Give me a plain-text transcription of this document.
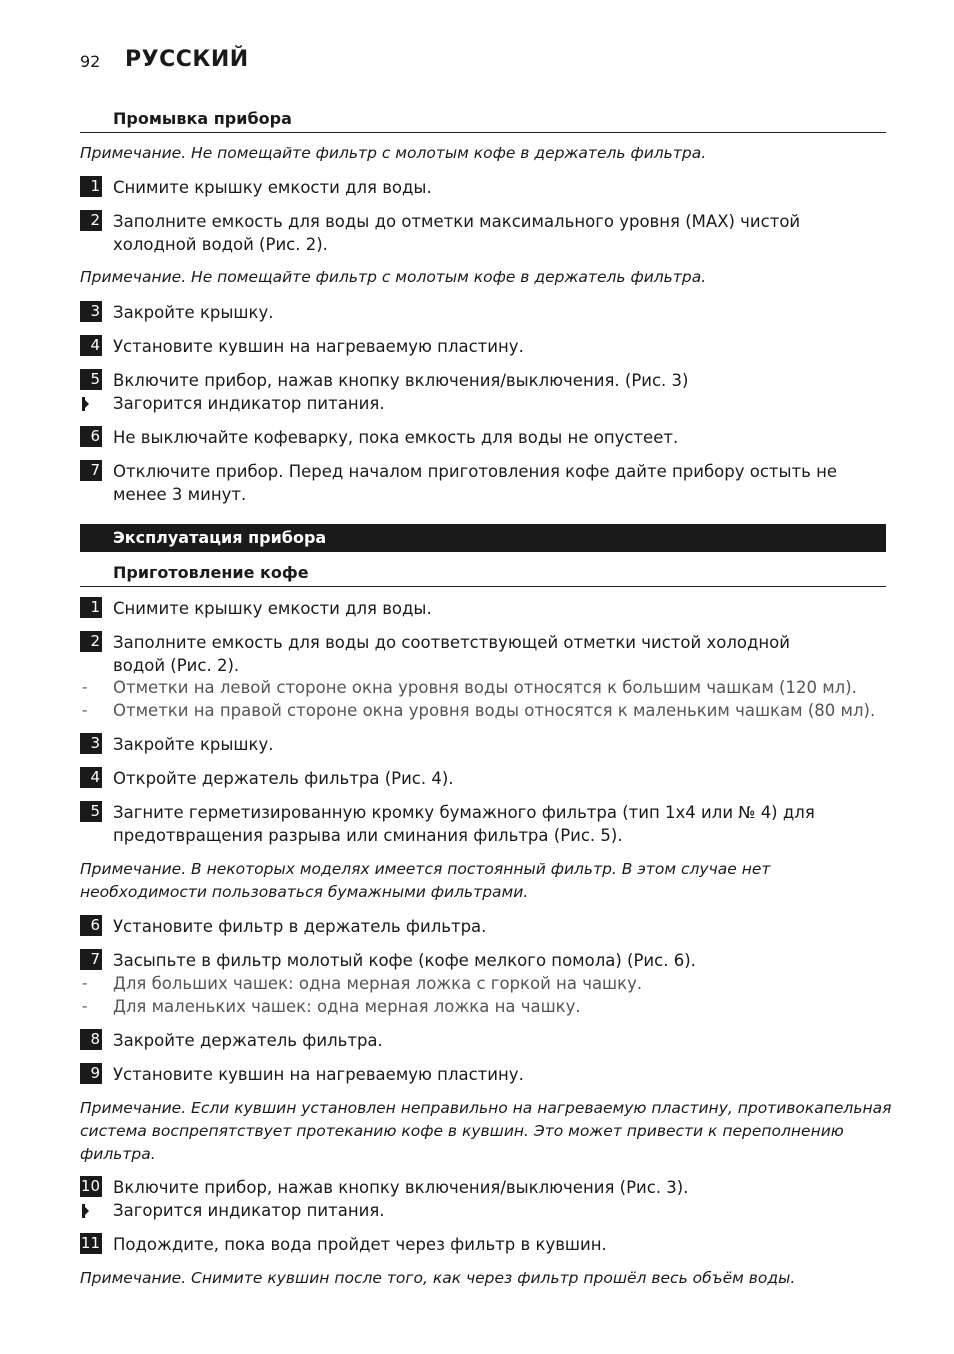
92 РУССКИЙ
Промывка прибора
Примечание. Не помещайте фильтр с молотым кофе в держатель фильтра.
1 Снимите крышку емкости для воды.
2 Заполните емкость для воды до отметки максимального уровня (MAX) чистой
холодной водой (Рис. 2).
Примечание. Не помещайте фильтр с молотым кофе в держатель фильтра.
3 Закройте крышку.
4 Установите кувшин на нагреваемую пластину.
5 Включите прибор, нажав кнопку включения/выключения. (Рис. 3)
Загорится индикатор питания.
6 Не выключайте кофеварку, пока емкость для воды не опустеет.
7 Отключите прибор. Перед началом приготовления кофе дайте прибору остыть не
менее 3 минут.
Эксплуатация прибора
Приготовление кофе
1 Снимите крышку емкости для воды.
2 Заполните емкость для воды до соответствующей отметки чистой холодной
водой (Рис. 2).
- Отметки на левой стороне окна уровня воды относятся к большим чашкам (120 мл).
- Отметки на правой стороне окна уровня воды относятся к маленьким чашкам (80 мл).
3 Закройте крышку.
4 Откройте держатель фильтра (Рис. 4).
5 Загните герметизированную кромку бумажного фильтра (тип 1x4 или № 4) для
предотвращения разрыва или сминания фильтра (Рис. 5).
Примечание. В некоторых моделях имеется постоянный фильтр. В этом случае нет
необходимости пользоваться бумажными фильтрами.
6 Установите фильтр в держатель фильтра.
7 Засыпьте в фильтр молотый кофе (кофе мелкого помола) (Рис. 6).
- Для больших чашек: одна мерная ложка с горкой на чашку.
- Для маленьких чашек: одна мерная ложка на чашку.
8 Закройте держатель фильтра.
9 Установите кувшин на нагреваемую пластину.
Примечание. Если кувшин установлен неправильно на нагреваемую пластину, противокапельная
система воспрепятствует протеканию кофе в кувшин. Это может привести к переполнению
фильтра.
10 Включите прибор, нажав кнопку включения/выключения (Рис. 3).
Загорится индикатор питания.
11 Подождите, пока вода пройдет через фильтр в кувшин.
Примечание. Снимите кувшин после того, как через фильтр прошёл весь объём воды.
